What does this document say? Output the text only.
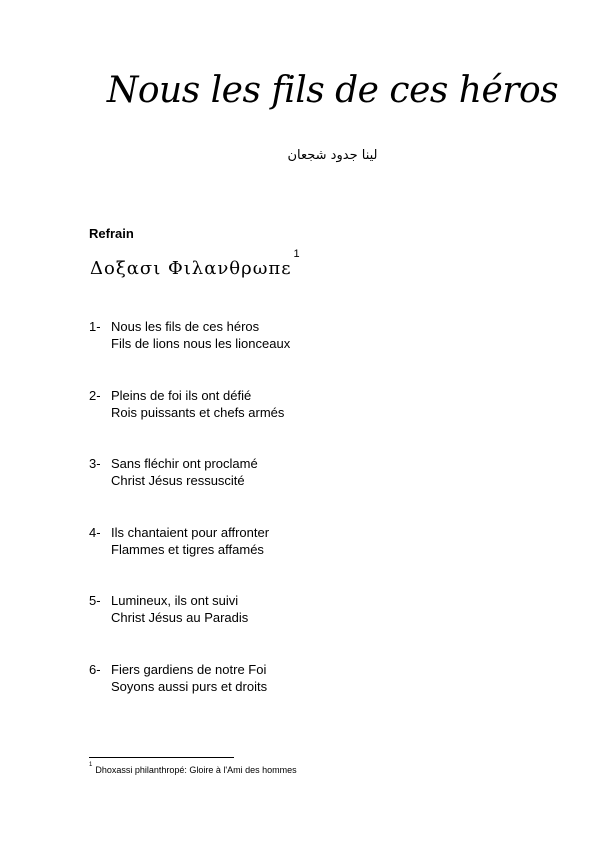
Nous les fils de ces héros
لينا جدود شجعان
Refrain
Δοξασι Φιλανθρωπε$^1$
1- Nous les fils de ces héros
Fils de lions nous les lionceaux
2- Pleins de foi ils ont défié
Rois puissants et chefs armés
3- Sans fléchir ont proclamé
Christ Jésus ressuscité
4- Ils chantaient pour affronter
Flammes et tigres affamés
5- Lumineux, ils ont suivi
Christ Jésus au Paradis
6- Fiers gardiens de notre Foi
Soyons aussi purs et droits
$^1$ Dhoxassi philanthropé: Gloire à l'Ami des hommes
